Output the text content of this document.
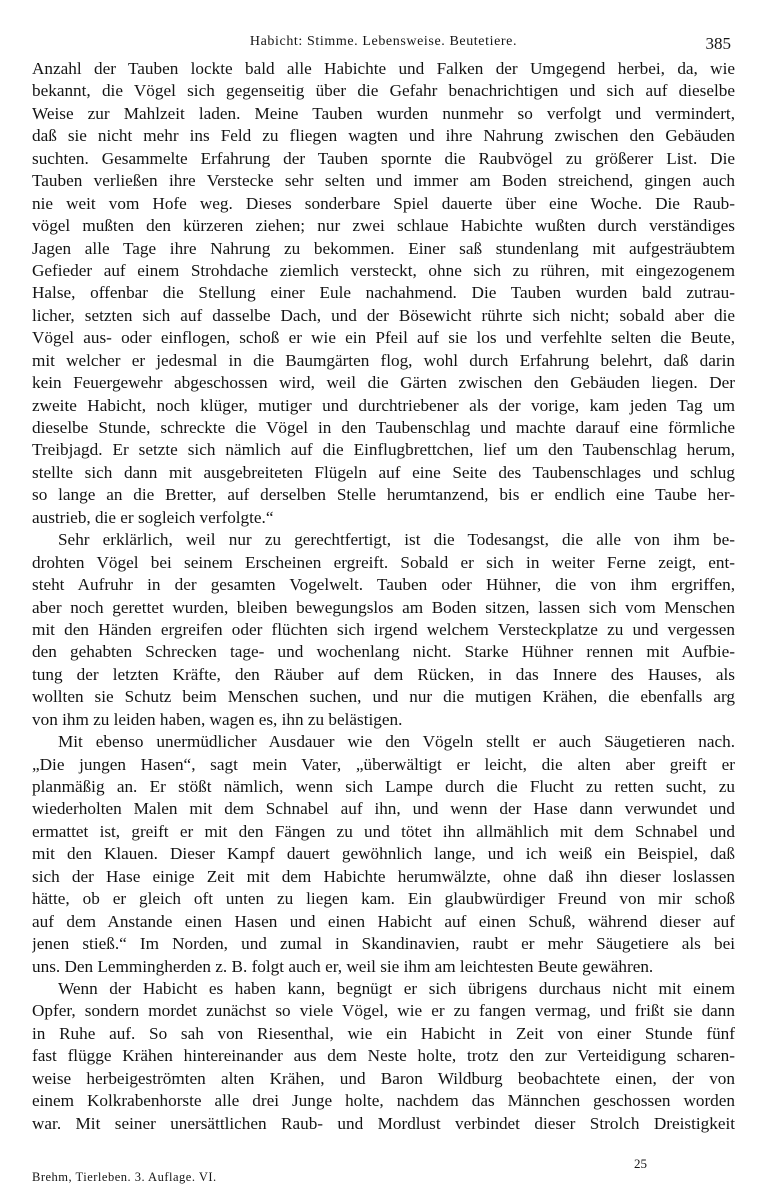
Habicht: Stimme. Lebensweise. Beutetiere.	385
Anzahl der Tauben lockte bald alle Habichte und Falken der Umgegend herbei, da, wie
bekannt, die Vögel sich gegenseitig über die Gefahr benachrichtigen und sich auf dieselbe
Weise zur Mahlzeit laden. Meine Tauben wurden nunmehr so verfolgt und vermindert,
daß sie nicht mehr ins Feld zu fliegen wagten und ihre Nahrung zwischen den Gebäuden
suchten. Gesammelte Erfahrung der Tauben spornte die Raubvögel zu größerer List. Die
Tauben verließen ihre Verstecke sehr selten und immer am Boden streichend, gingen auch
nie weit vom Hofe weg. Dieses sonderbare Spiel dauerte über eine Woche. Die Raub-
vögel mußten den kürzeren ziehen; nur zwei schlaue Habichte wußten durch verständiges
Jagen alle Tage ihre Nahrung zu bekommen. Einer saß stundenlang mit aufgesträubtem
Gefieder auf einem Strohdache ziemlich versteckt, ohne sich zu rühren, mit eingezogenem
Halse, offenbar die Stellung einer Eule nachahmend. Die Tauben wurden bald zutrau-
licher, setzten sich auf dasselbe Dach, und der Bösewicht rührte sich nicht; sobald aber die
Vögel aus- oder einflogen, schoß er wie ein Pfeil auf sie los und verfehlte selten die Beute,
mit welcher er jedesmal in die Baumgärten flog, wohl durch Erfahrung belehrt, daß darin
kein Feuergewehr abgeschossen wird, weil die Gärten zwischen den Gebäuden liegen. Der
zweite Habicht, noch klüger, mutiger und durchtriebener als der vorige, kam jeden Tag um
dieselbe Stunde, schreckte die Vögel in den Taubenschlag und machte darauf eine förmliche
Treibjagd. Er setzte sich nämlich auf die Einflugbrettchen, lief um den Taubenschlag herum,
stellte sich dann mit ausgebreiteten Flügeln auf eine Seite des Taubenschlages und schlug
so lange an die Bretter, auf derselben Stelle herumtanzend, bis er endlich eine Taube her-
austrieb, die er sogleich verfolgte.“
Sehr erklärlich, weil nur zu gerechtfertigt, ist die Todesangst, die alle von ihm be-
drohten Vögel bei seinem Erscheinen ergreift. Sobald er sich in weiter Ferne zeigt, ent-
steht Aufruhr in der gesamten Vogelwelt. Tauben oder Hühner, die von ihm ergriffen,
aber noch gerettet wurden, bleiben bewegungslos am Boden sitzen, lassen sich vom Menschen
mit den Händen ergreifen oder flüchten sich irgend welchem Versteckplatze zu und vergessen
den gehabten Schrecken tage- und wochenlang nicht. Starke Hühner rennen mit Aufbie-
tung der letzten Kräfte, den Räuber auf dem Rücken, in das Innere des Hauses, als
wollten sie Schutz beim Menschen suchen, und nur die mutigen Krähen, die ebenfalls arg
von ihm zu leiden haben, wagen es, ihn zu belästigen.
Mit ebenso unermüdlicher Ausdauer wie den Vögeln stellt er auch Säugetieren nach.
„Die jungen Hasen“, sagt mein Vater, „überwältigt er leicht, die alten aber greift er
planmäßig an. Er stößt nämlich, wenn sich Lampe durch die Flucht zu retten sucht, zu
wiederholten Malen mit dem Schnabel auf ihn, und wenn der Hase dann verwundet und
ermattet ist, greift er mit den Fängen zu und tötet ihn allmählich mit dem Schnabel und
mit den Klauen. Dieser Kampf dauert gewöhnlich lange, und ich weiß ein Beispiel, daß
sich der Hase einige Zeit mit dem Habichte herumwälzte, ohne daß ihn dieser loslassen
hätte, ob er gleich oft unten zu liegen kam. Ein glaubwürdiger Freund von mir schoß
auf dem Anstande einen Hasen und einen Habicht auf einen Schuß, während dieser auf
jenen stieß.“ Im Norden, und zumal in Skandinavien, raubt er mehr Säugetiere als bei
uns. Den Lemmingherden z. B. folgt auch er, weil sie ihm am leichtesten Beute gewähren.
Wenn der Habicht es haben kann, begnügt er sich übrigens durchaus nicht mit einem
Opfer, sondern mordet zunächst so viele Vögel, wie er zu fangen vermag, und frißt sie dann
in Ruhe auf. So sah von Riesenthal, wie ein Habicht in Zeit von einer Stunde fünf
fast flügge Krähen hintereinander aus dem Neste holte, trotz den zur Verteidigung scharen-
weise herbeigeströmten alten Krähen, und Baron Wildburg beobachtete einen, der von
einem Kolkrabenhorste alle drei Junge holte, nachdem das Männchen geschossen worden
war. Mit seiner unersättlichen Raub- und Mordlust verbindet dieser Strolch Dreistigkeit
Brehm, Tierleben. 3. Auflage. VI.
25
